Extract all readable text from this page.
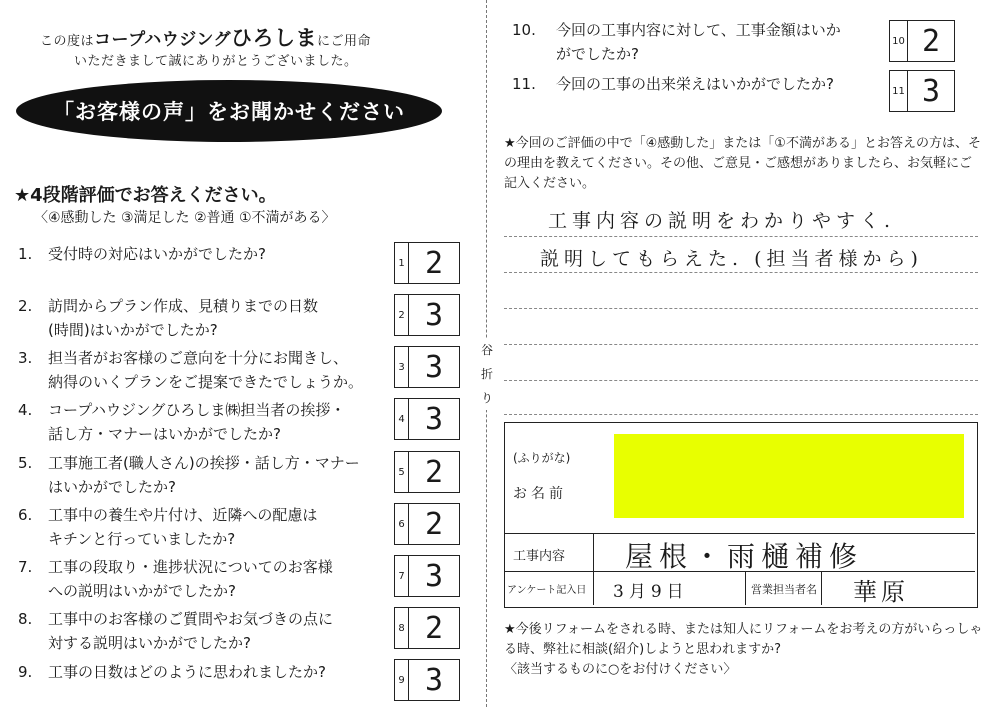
この度はコープハウジングひろしまにご用命
いただきまして誠にありがとうございました。
「お客様の声」をお聞かせください
★4段階評価でお答えください。
〈④感動した ③満足した ②普通 ①不満がある〉
1.	受付時の対応はいかがでしたか?	1 2
2.	訪問からプラン作成、見積りまでの日数
(時間)はいかがでしたか?
2 3
3.	担当者がお客様のご意向を十分にお聞きし、
納得のいくプランをご提案できたでしょうか。
3 3
4.	コープハウジングひろしま㈱担当者の挨拶・
話し方・マナーはいかがでしたか?
4 3
5.	工事施工者(職人さん)の挨拶・話し方・マナー
はいかがでしたか?
5 2
6.	工事中の養生や片付け、近隣への配慮は
キチンと行っていましたか?
6 2
7.	工事の段取り・進捗状況についてのお客様
への説明はいかがでしたか?
7 3
8.	工事中のお客様のご質問やお気づきの点に
対する説明はいかがでしたか?
8 2
9.	工事の日数はどのように思われましたか?	9 3
谷折り
10.	今回の工事内容に対して、工事金額はいか
がでしたか?
10 2
11.	今回の工事の出来栄えはいかがでしたか?	11 3
★今回のご評価の中で「④感動した」または「①不満がある」とお答えの方は、その理由を教えてください。その他、ご意見・ご感想がありましたら、お気軽にご記入ください。
工事内容の説明をわかりやすく.
説明してもらえた. (担当者様から)
(ふりがな)
お名前
工事内容 屋根・雨樋補修
アンケート記入日 3月9日	営業担当者名 華原
★今後リフォームをされる時、または知人にリフォームをお考えの方がいらっしゃる時、弊社に相談(紹介)しようと思われますか?
〈該当するものに○をお付けください〉
